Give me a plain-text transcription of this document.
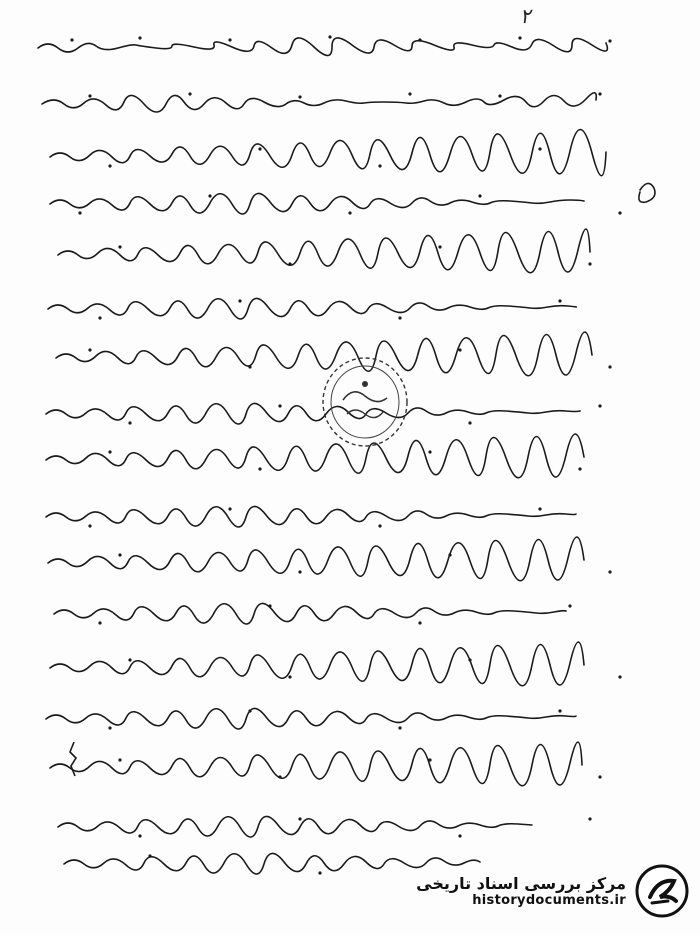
۲
مرکز بررسی اسناد تاریخی
historydocuments.ir
